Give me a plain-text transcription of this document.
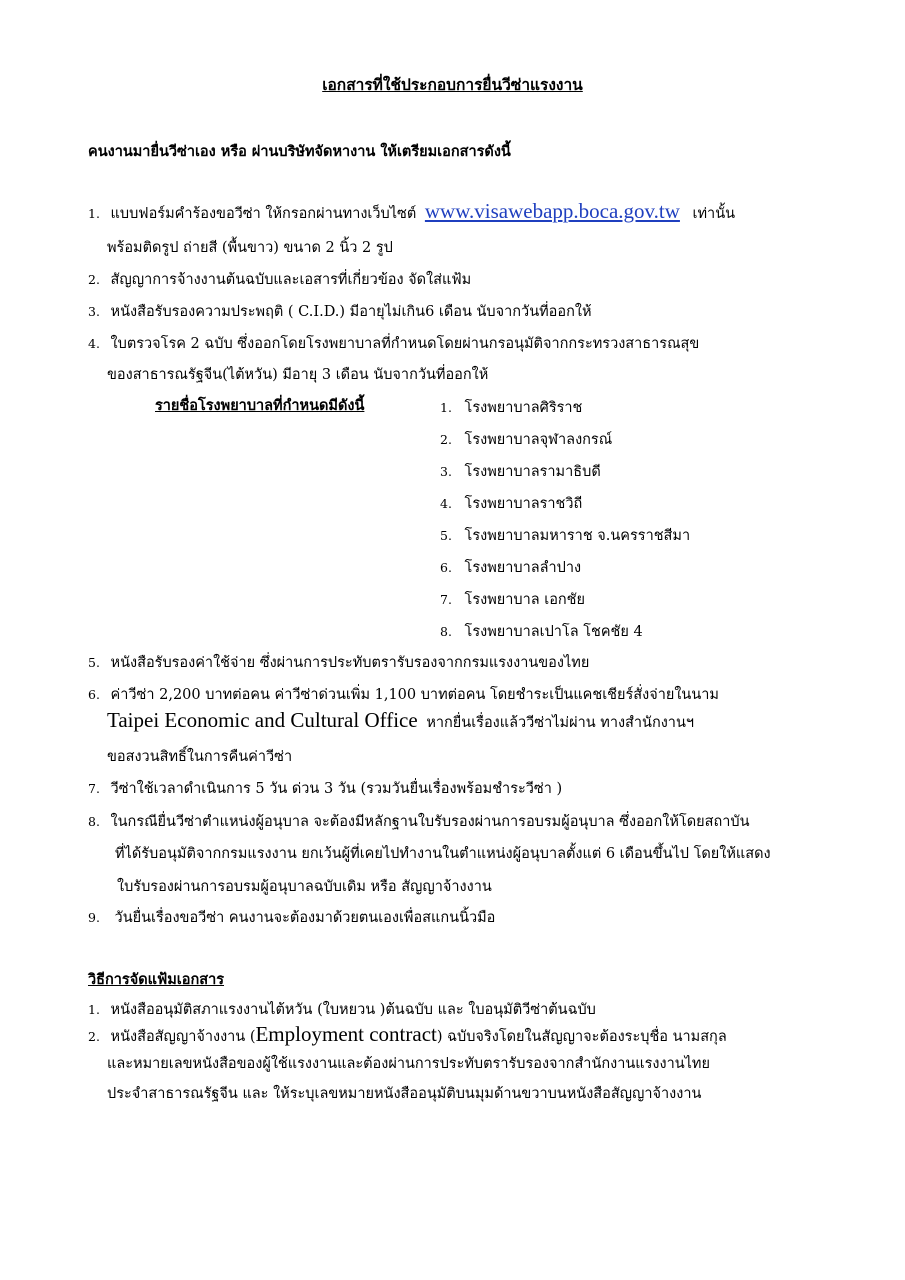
เอกสารที่ใช้ประกอบการยื่นวีซ่าแรงงาน
คนงานมายื่นวีซ่าเอง หรือ ผ่านบริษัทจัดหางาน ให้เตรียมเอกสารดังนี้
1. แบบฟอร์มคำร้องขอวีซ่า ให้กรอกผ่านทางเว็บไซต์ www.visawebapp.boca.gov.tw เท่านั้น
พร้อมติดรูป ถ่ายสี (พื้นขาว) ขนาด 2 นิ้ว 2 รูป
2. สัญญาการจ้างงานต้นฉบับและเอสารที่เกี่ยวข้อง จัดใส่แฟ้ม
3. หนังสือรับรองความประพฤติ ( C.I.D.) มีอายุไม่เกิน6 เดือน นับจากวันที่ออกให้
4. ใบตรวจโรค 2 ฉบับ ซึ่งออกโดยโรงพยาบาลที่กำหนดโดยผ่านกรอนุมัติจากกระทรวงสาธารณสุข
ของสาธารณรัฐจีน(ไต้หวัน) มีอายุ 3 เดือน นับจากวันที่ออกให้
รายชื่อโรงพยาบาลที่กำหนดมีดังนี้	1. โรงพยาบาลศิริราช
2. โรงพยาบาลจุฬาลงกรณ์
3. โรงพยาบาลรามาธิบดี
4. โรงพยาบาลราชวิถี
5. โรงพยาบาลมหาราช จ.นครราชสีมา
6. โรงพยาบาลลำปาง
7. โรงพยาบาล เอกชัย
8. โรงพยาบาลเปาโล โชคชัย 4
5. หนังสือรับรองค่าใช้จ่าย ซึ่งผ่านการประทับตรารับรองจากกรมแรงงานของไทย
6. ค่าวีซ่า 2,200 บาทต่อคน ค่าวีซ่าด่วนเพิ่ม 1,100 บาทต่อคน โดยชำระเป็นแคชเชียร์สั่งจ่ายในนาม
Taipei Economic and Cultural Office หากยื่นเรื่องแล้ววีซ่าไม่ผ่าน ทางสำนักงานฯ
ขอสงวนสิทธิ์ในการคืนค่าวีซ่า
7. วีซ่าใช้เวลาดำเนินการ 5 วัน ด่วน 3 วัน (รวมวันยื่นเรื่องพร้อมชำระวีซ่า )
8. ในกรณียื่นวีซ่าตำแหน่งผู้อนุบาล จะต้องมีหลักฐานใบรับรองผ่านการอบรมผู้อนุบาล ซึ่งออกให้โดยสถาบัน
ที่ได้รับอนุมัติจากกรมแรงงาน ยกเว้นผู้ที่เคยไปทำงานในตำแหน่งผู้อนุบาลตั้งแต่ 6 เดือนขึ้นไป โดยให้แสดง
ใบรับรองผ่านการอบรมผู้อนุบาลฉบับเดิม หรือ สัญญาจ้างงาน
9. วันยื่นเรื่องขอวีซ่า คนงานจะต้องมาด้วยตนเองเพื่อสแกนนิ้วมือ
วิธีการจัดแฟ้มเอกสาร
1. หนังสืออนุมัติสภาแรงงานไต้หวัน (ใบหยวน )ต้นฉบับ และ ใบอนุมัติวีซ่าต้นฉบับ
2. หนังสือสัญญาจ้างงาน (Employment contract) ฉบับจริงโดยในสัญญาจะต้องระบุชื่อ นามสกุล
และหมายเลขหนังสือของผู้ใช้แรงงานและต้องผ่านการประทับตรารับรองจากสำนักงานแรงงานไทย
ประจำสาธารณรัฐจีน และ ให้ระบุเลขหมายหนังสืออนุมัติบนมุมด้านขวาบนหนังสือสัญญาจ้างงาน
